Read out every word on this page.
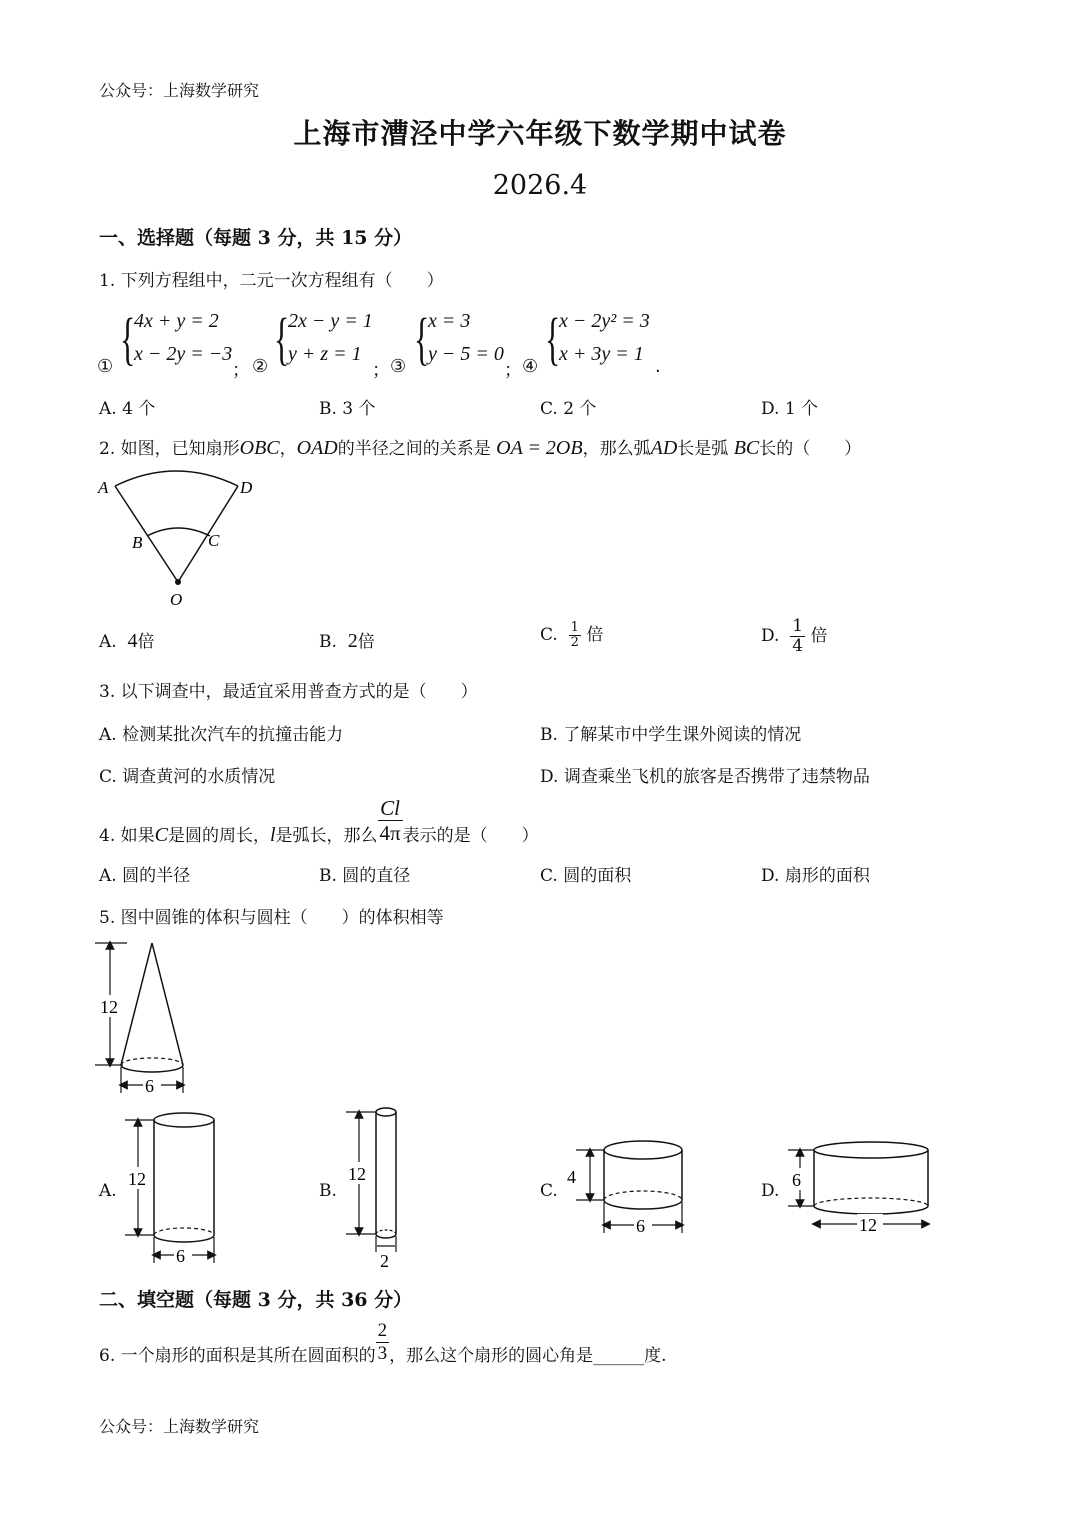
公众号：上海数学研究
上海市漕泾中学六年级下数学期中试卷
2026.4
一、选择题（每题 3 分，共 15 分）
1. 下列方程组中，二元一次方程组有（　　）
① {
4x + y = 2
x − 2y = −3
； ② {
2x − y = 1
y + z = 1
； ③ {
x = 3
y − 5 = 0
； ④ {
x − 2y² = 3
x + 3y = 1
.
A. 4 个	B. 3 个	C. 2 个	D. 1 个
2. 如图，已知扇形OBC，OAD的半径之间的关系是 OA = 2OB，那么弧AD长是弧 BC长的（　　）
A	D
B	C
O
A. 4倍	B. 2倍	C. $\frac{1}{2}$ 倍	D. $\frac{1}{4}$ 倍
3. 以下调查中，最适宜采用普查方式的是（　　）
A. 检测某批次汽车的抗撞击能力	B. 了解某市中学生课外阅读的情况
C. 调查黄河的水质情况	D. 调查乘坐飞机的旅客是否携带了违禁物品
4. 如果C是圆的周长，l是弧长，那么 $\frac{Cl}{4\pi}$ 表示的是（　　）
A. 圆的半径	B. 圆的直径	C. 圆的面积	D. 扇形的面积
5. 图中圆锥的体积与圆柱（　　）的体积相等
12
6
A.
12
6
B.
12
2
C.
4
6
D.
6
12
二、填空题（每题 3 分，共 36 分）
6. 一个扇形的面积是其所在圆面积的 $\frac{2}{3}$ ，那么这个扇形的圆心角是______度.
公众号：上海数学研究
